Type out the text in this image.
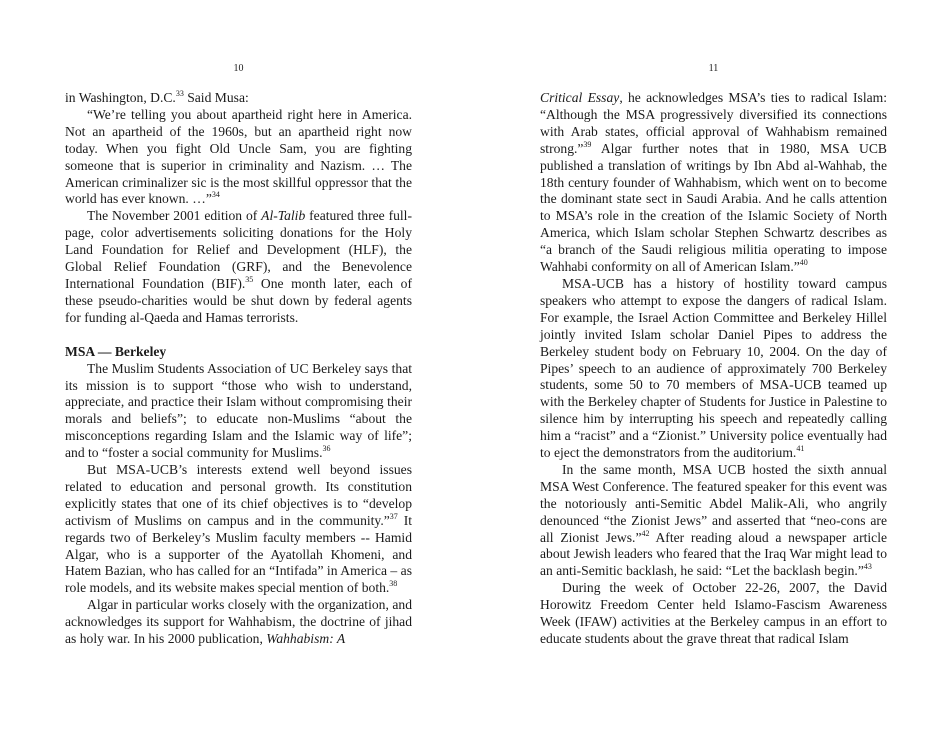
10

in Washington, D.C.$^{33}$ Said Musa:

“We’re telling you about apartheid right here in America. Not an apartheid of the 1960s, but an apartheid right now today. When you fight Old Uncle Sam, you are fighting someone that is superior in criminality and Nazism. … The American criminalizer sic is the most skillful oppressor that the world has ever known. …”$^{34}$

The November 2001 edition of Al-Talib featured three full-page, color advertisements soliciting donations for the Holy Land Foundation for Relief and Development (HLF), the Global Relief Foundation (GRF), and the Benevolence International Foundation (BIF).$^{35}$ One month later, each of these pseudo-charities would be shut down by federal agents for funding al-Qaeda and Hamas terrorists.

MSA — Berkeley

The Muslim Students Association of UC Berkeley says that its mission is to support “those who wish to understand, appreciate, and practice their Islam without compromising their morals and beliefs”; to educate non-Muslims “about the misconceptions regarding Islam and the Islamic way of life”; and to “foster a social community for Muslims.$^{36}$

But MSA-UCB’s interests extend well beyond issues related to education and personal growth. Its constitution explicitly states that one of its chief objectives is to “develop activism of Muslims on campus and in the community.”$^{37}$ It regards two of Berkeley’s Muslim faculty members -- Hamid Algar, who is a supporter of the Ayatollah Khomeni, and Hatem Bazian, who has called for an “Intifada” in America – as role models, and its website makes special mention of both.$^{38}$

Algar in particular works closely with the organization, and acknowledges its support for Wahhabism, the doctrine of jihad as holy war. In his 2000 publication, Wahhabism: A

11

Critical Essay, he acknowledges MSA’s ties to radical Islam: “Although the MSA progressively diversified its connections with Arab states, official approval of Wahhabism remained strong.”$^{39}$ Algar further notes that in 1980, MSA UCB published a translation of writings by Ibn Abd al-Wahhab, the 18th century founder of Wahhabism, which went on to become the dominant state sect in Saudi Arabia. And he calls attention to MSA’s role in the creation of the Islamic Society of North America, which Islam scholar Stephen Schwartz describes as “a branch of the Saudi religious militia operating to impose Wahhabi conformity on all of American Islam.”$^{40}$

MSA-UCB has a history of hostility toward campus speakers who attempt to expose the dangers of radical Islam. For example, the Israel Action Committee and Berkeley Hillel jointly invited Islam scholar Daniel Pipes to address the Berkeley student body on February 10, 2004. On the day of Pipes’ speech to an audience of approximately 700 Berkeley students, some 50 to 70 members of MSA-UCB teamed up with the Berkeley chapter of Students for Justice in Palestine to silence him by interrupting his speech and repeatedly calling him a “racist” and a “Zionist.” University police eventually had to eject the demonstrators from the auditorium.$^{41}$

In the same month, MSA UCB hosted the sixth annual MSA West Conference. The featured speaker for this event was the notoriously anti-Semitic Abdel Malik-Ali, who angrily denounced “the Zionist Jews” and asserted that “neo-cons are all Zionist Jews.”$^{42}$ After reading aloud a newspaper article about Jewish leaders who feared that the Iraq War might lead to an anti-Semitic backlash, he said: “Let the backlash begin.”$^{43}$

During the week of October 22-26, 2007, the David Horowitz Freedom Center held Islamo-Fascism Awareness Week (IFAW) activities at the Berkeley campus in an effort to educate students about the grave threat that radical Islam
